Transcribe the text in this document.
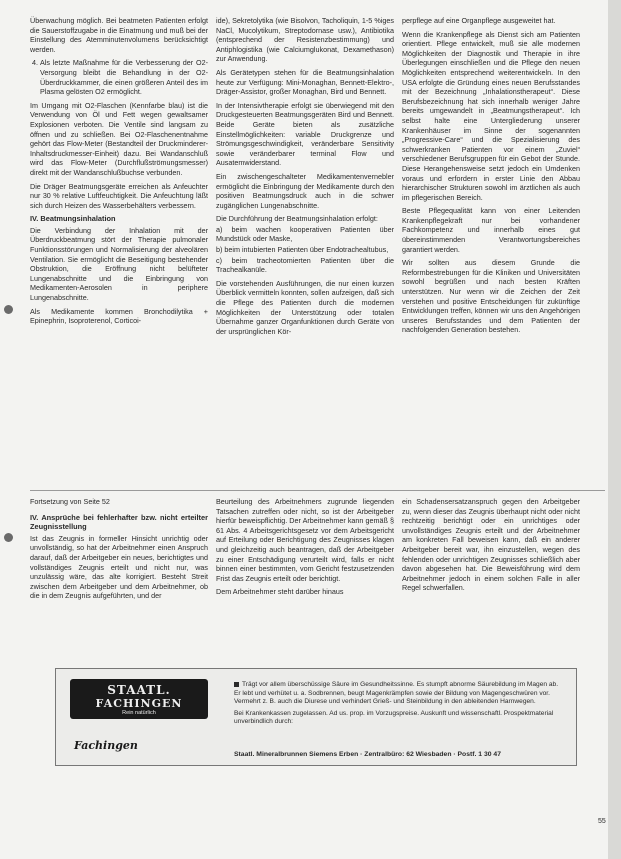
Überwachung möglich. Bei beatmeten Patienten erfolgt die Sauerstoffzugabe in die Einatmung und muß bei der Einstellung des Atemminutenvolumens berücksichtigt werden.

4. Als letzte Maßnahme für die Verbesserung der O2-Versorgung bleibt die Behandlung in der O2-Überdruckkammer, die einen größeren Anteil des im Plasma gelösten O2 ermöglicht.

Im Umgang mit O2-Flaschen (Kennfarbe blau) ist die Verwendung von Öl und Fett wegen gewaltsamer Explosionen verboten. Die Ventile sind langsam zu öffnen und zu schließen. Bei O2-Flaschenentnahme gehört das Flow-Meter (Bestandteil der Druckminderer-Inhaltsdruckmesser-Einheit) dazu. Bei Wandanschluß wird das Flow-Meter (Durchflußströmungsmesser) direkt mit der Wandanschlußbuchse verbunden.

Die Dräger Beatmungsgeräte erreichen als Anfeuchter nur 30 % relative Luftfeuchtigkeit. Die Anfeuchtung läßt sich durch Heizen des Wasserbehälters verbessern.

IV. Beatmungsinhalation

Die Verbindung der Inhalation mit der Überdruckbeatmung stört der Therapie pulmonaler Funktionsstörungen und Normalisierung der alveolären Ventilation. Sie ermöglicht die Beseitigung bestehender Obstruktion, die Eröffnung nicht belüfteter Lungenabschnitte und die Einbringung von Medikamenten-Aerosolen in periphere Lungenabschnitte.

Als Medikamente kommen Bronchodilytika + Epinephrin, Isoproterenol, Corticoi-

ide), Sekretolytika (wie Bisolvon, Tacholiquin, 1-5 %iges NaCl, Mucolytikum, Streptodornase usw.), Antibiotika (entsprechend der Resistenzbestimmung) und Antiphlogistika (wie Calciumglukonat, Dexamethason) zur Anwendung.

Als Gerätetypen stehen für die Beatmungsinhalation heute zur Verfügung: Mini-Monaghan, Bennett-Elektro-, Dräger-Assistor, großer Monaghan, Bird und Bennett.

In der Intensivtherapie erfolgt sie überwiegend mit den Druckgesteuerten Beatmungsgeräten Bird und Bennett. Beide Geräte bieten als zusätzliche Einstellmöglichkeiten: variable Druckgrenze und Strömungsgeschwindigkeit, veränderbare Sensitivity sowie veränderbarer terminal Flow und Ausatemwiderstand.

Ein zwischengeschalteter Medikamentenvernebler ermöglicht die Einbringung der Medikamente durch den positiven Beatmungsdruck auch in die schwer zugänglichen Lungenabschnitte.

Die Durchführung der Beatmungsinhalation erfolgt:

a) beim wachen kooperativen Patienten über Mundstück oder Maske,

b) beim intubierten Patienten über Endotrachealtubus,

c) beim tracheotomierten Patienten über die Trachealkanüle.

Die vorstehenden Ausführungen, die nur einen kurzen Überblick vermitteln konnten, sollen aufzeigen, daß sich die Pflege des Patienten durch die modernen Möglichkeiten der Unterstützung oder totalen Übernahme ganzer Organfunktionen durch Geräte von der ursprünglichen Kör-

perpflege auf eine Organpflege ausgeweitet hat.

Wenn die Krankenpflege als Dienst sich am Patienten orientiert. Pflege entwickelt, muß sie alle modernen Möglichkeiten der Diagnostik und Therapie in ihre Überlegungen einschließen und die Pflege den neuen Möglichkeiten entsprechend weiterentwickeln. In den USA erfolgte die Gründung eines neuen Berufsstandes mit der Bezeichnung „Inhalationstherapeut“. Diese Berufsbezeichnung hat sich innerhalb weniger Jahre bereits umgewandelt in „Beatmungstherapeut“. Ich selbst halte eine Untergliederung unserer Krankenhäuser im Sinne der sogenannten „Progressive-Care“ und die Spezialisierung des schwerkranken Patienten vor einem „Zuviel“ verschiedener Berufsgruppen für ein Gebot der Stunde. Diese Herangehensweise setzt jedoch ein Umdenken voraus und erfordern in erster Linie den Abbau hierarchischer Strukturen sowohl im ärztlichen als auch im pflegerischen Bereich.

Beste Pflegequalität kann von einer Leitenden Krankenpflegekraft nur bei vorhandener Fachkompetenz und innerhalb eines gut übereinstimmenden Verantwortungsbereiches garantiert werden.

Wir sollten aus diesem Grunde die Reformbestrebungen für die Kliniken und Universitäten sowohl begrüßen und nach besten Kräften unterstützen. Nur wenn wir die Zeichen der Zeit verstehen und positive Entscheidungen für zukünftige Entwicklungen treffen, können wir uns den Angehörigen unseres Berufsstandes und dem Patienten der nachfolgenden Generation bestehen.

Fortsetzung von Seite 52

IV. Ansprüche bei fehlerhafter bzw. nicht erteilter Zeugnisstellung

Ist das Zeugnis in formeller Hinsicht unrichtig oder unvollständig, so hat der Arbeitnehmer einen Anspruch darauf, daß der Arbeitgeber ein neues, berichtigtes und vollständiges Zeugnis erteilt und nicht nur, was unzulässig wäre, das alte korrigiert. Besteht Streit zwischen dem Arbeitgeber und dem Arbeitnehmer, ob die in dem Zeugnis aufgeführten, und der

Beurteilung des Arbeitnehmers zugrunde liegenden Tatsachen zutreffen oder nicht, so ist der Arbeitgeber hierfür beweispflichtig. Der Arbeitnehmer kann gemäß § 61 Abs. 4 Arbeitsgerichtsgesetz vor dem Arbeitsgericht auf Erteilung oder Berichtigung des Zeugnisses klagen und gleichzeitig auch beantragen, daß der Arbeitgeber zu einer Entschädigung verurteilt wird, falls er nicht binnen einer bestimmten, vom Gericht festzusetzenden Frist das Zeugnis erteilt oder berichtigt.

Dem Arbeitnehmer steht darüber hinaus

ein Schadensersatzanspruch gegen den Arbeitgeber zu, wenn dieser das Zeugnis überhaupt nicht oder nicht rechtzeitig berichtigt oder ein unrichtiges oder unvollständiges Zeugnis erteilt und der Arbeitnehmer am konkreten Fall beweisen kann, daß ein anderer Arbeitgeber bereit war, ihn einzustellen, wegen des fehlenden oder unrichtigen Zeugnisses schließlich aber davon abgesehen hat. Die Beweisführung wird dem Arbeitnehmer jedoch in einem solchen Falle in aller Regel schwerfallen.

STAATL.
FACHINGEN
Rein natürlich
Fachingen

Trägt vor allem überschüssige Säure im Gesundheitssinne. Es stumpft abnorme Säurebildung im Magen ab. Er lebt und verhütet u. a. Sodbrennen, beugt Magenkrämpfen sowie der Bildung von Magengeschwüren vor. Vermehrt z. B. auch die Diurese und verhindert Grieß- und Steinbildung in den ableitenden Harnwegen.

Bei Krankenkassen zugelassen. Ad us. prop. im Vorzugspreise. Auskunft und wissenschaftl. Prospektmaterial unverbindlich durch:

Staatl. Mineralbrunnen Siemens Erben · Zentralbüro: 62 Wiesbaden · Postf. 1 30 47
55
